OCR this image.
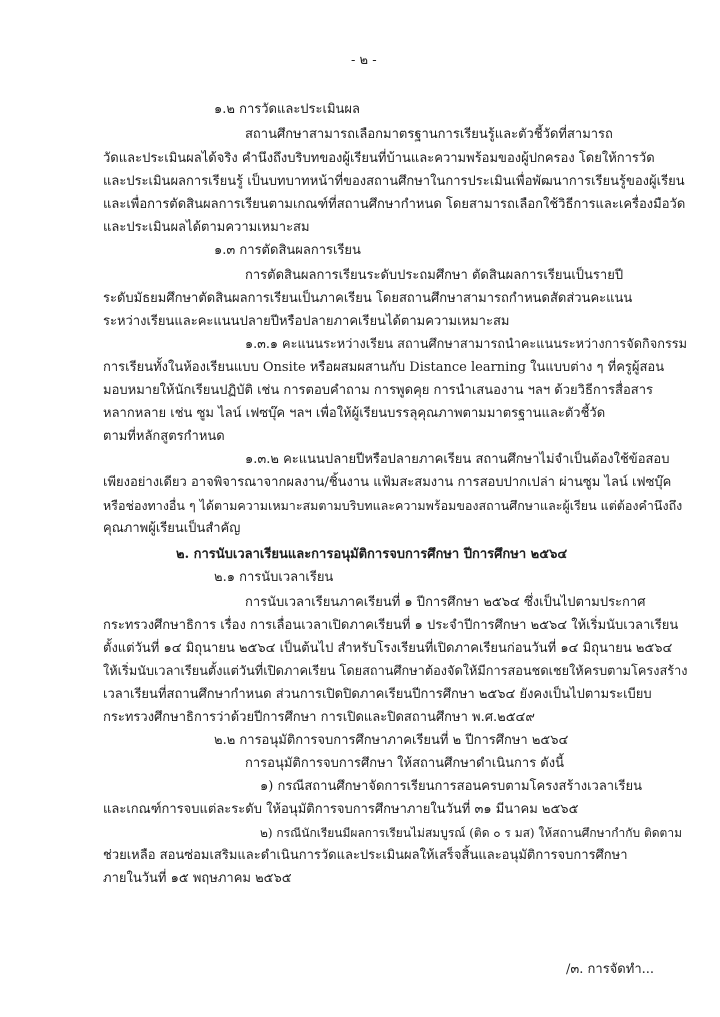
- ๒ -
๑.๒ การวัดและประเมินผล
สถานศึกษาสามารถเลือกมาตรฐานการเรียนรู้และตัวชี้วัดที่สามารถ
วัดและประเมินผลได้จริง คำนึงถึงบริบทของผู้เรียนที่บ้านและความพร้อมของผู้ปกครอง โดยให้การวัด
และประเมินผลการเรียนรู้ เป็นบทบาทหน้าที่ของสถานศึกษาในการประเมินเพื่อพัฒนาการเรียนรู้ของผู้เรียน
และเพื่อการตัดสินผลการเรียนตามเกณฑ์ที่สถานศึกษากำหนด โดยสามารถเลือกใช้วิธีการและเครื่องมือวัด
และประเมินผลได้ตามความเหมาะสม
๑.๓ การตัดสินผลการเรียน
การตัดสินผลการเรียนระดับประถมศึกษา ตัดสินผลการเรียนเป็นรายปี
ระดับมัธยมศึกษาตัดสินผลการเรียนเป็นภาคเรียน โดยสถานศึกษาสามารถกำหนดสัดส่วนคะแนน
ระหว่างเรียนและคะแนนปลายปีหรือปลายภาคเรียนได้ตามความเหมาะสม
๑.๓.๑ คะแนนระหว่างเรียน สถานศึกษาสามารถนำคะแนนระหว่างการจัดกิจกรรม
การเรียนทั้งในห้องเรียนแบบ Onsite หรือผสมผสานกับ Distance learning ในแบบต่าง ๆ ที่ครูผู้สอน
มอบหมายให้นักเรียนปฏิบัติ เช่น การตอบคำถาม การพูดคุย การนำเสนองาน ฯลฯ ด้วยวิธีการสื่อสาร
หลากหลาย เช่น ซูม ไลน์ เฟซบุ๊ค ฯลฯ เพื่อให้ผู้เรียนบรรลุคุณภาพตามมาตรฐานและตัวชี้วัด
ตามที่หลักสูตรกำหนด
๑.๓.๒ คะแนนปลายปีหรือปลายภาคเรียน สถานศึกษาไม่จำเป็นต้องใช้ข้อสอบ
เพียงอย่างเดียว อาจพิจารณาจากผลงาน/ชิ้นงาน แฟ้มสะสมงาน การสอบปากเปล่า ผ่านซูม ไลน์ เฟซบุ๊ค
หรือช่องทางอื่น ๆ ได้ตามความเหมาะสมตามบริบทและความพร้อมของสถานศึกษาและผู้เรียน แต่ต้องคำนึงถึง
คุณภาพผู้เรียนเป็นสำคัญ
๒. การนับเวลาเรียนและการอนุมัติการจบการศึกษา ปีการศึกษา ๒๕๖๔
๒.๑ การนับเวลาเรียน
การนับเวลาเรียนภาคเรียนที่ ๑ ปีการศึกษา ๒๕๖๔ ซึ่งเป็นไปตามประกาศ
กระทรวงศึกษาธิการ เรื่อง การเลื่อนเวลาเปิดภาคเรียนที่ ๑ ประจำปีการศึกษา ๒๕๖๔ ให้เริ่มนับเวลาเรียน
ตั้งแต่วันที่ ๑๔ มิถุนายน ๒๕๖๔ เป็นต้นไป สำหรับโรงเรียนที่เปิดภาคเรียนก่อนวันที่ ๑๔ มิถุนายน ๒๕๖๔
ให้เริ่มนับเวลาเรียนตั้งแต่วันที่เปิดภาคเรียน โดยสถานศึกษาต้องจัดให้มีการสอนชดเชยให้ครบตามโครงสร้าง
เวลาเรียนที่สถานศึกษากำหนด ส่วนการเปิดปิดภาคเรียนปีการศึกษา ๒๕๖๔ ยังคงเป็นไปตามระเบียบ
กระทรวงศึกษาธิการว่าด้วยปีการศึกษา การเปิดและปิดสถานศึกษา พ.ศ.๒๕๔๙
๒.๒ การอนุมัติการจบการศึกษาภาคเรียนที่ ๒ ปีการศึกษา ๒๕๖๔
การอนุมัติการจบการศึกษา ให้สถานศึกษาดำเนินการ ดังนี้
๑) กรณีสถานศึกษาจัดการเรียนการสอนครบตามโครงสร้างเวลาเรียน
และเกณฑ์การจบแต่ละระดับ ให้อนุมัติการจบการศึกษาภายในวันที่ ๓๑ มีนาคม ๒๕๖๕
๒) กรณีนักเรียนมีผลการเรียนไม่สมบูรณ์ (ติด ๐ ร มส) ให้สถานศึกษากำกับ ติดตาม
ช่วยเหลือ สอนซ่อมเสริมและดำเนินการวัดและประเมินผลให้เสร็จสิ้นและอนุมัติการจบการศึกษา
ภายในวันที่ ๑๕ พฤษภาคม ๒๕๖๕
/๓. การจัดทำ...
